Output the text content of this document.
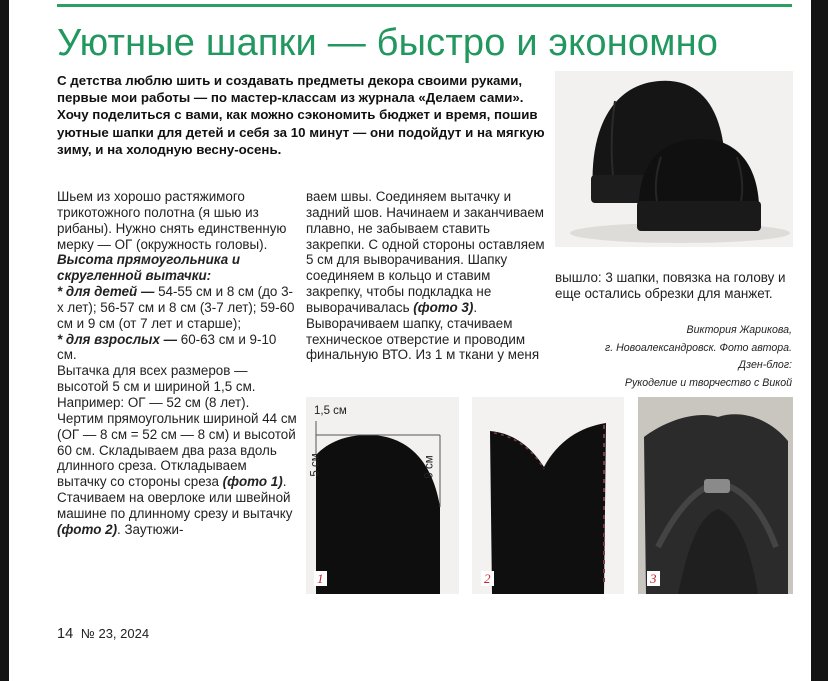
Уютные шапки — быстро и экономно

С детства люблю шить и создавать предметы декора своими руками, первые мои работы — по мастер-классам из журнала «Делаем сами». Хочу поделиться с вами, как можно сэкономить бюджет и время, пошив уютные шапки для детей и себя за 10 минут — они подойдут и на мягкую зиму, и на холодную весну-осень.

Шьем из хорошо растяжимого трикотожного полотна (я шью из рибаны). Нужно снять единственную мерку — ОГ (окружность головы).

Высота прямоугольника и скругленной вытачки:

* для детей — 54-55 см и 8 см (до 3-х лет); 56-57 см и 8 см (3-7 лет); 59-60 см и 9 см (от 7 лет и старше);

* для взрослых — 60-63 см и 9-10 см.

Вытачка для всех размеров — высотой 5 см и шириной 1,5 см. Например: ОГ — 52 см (8 лет). Чертим прямоугольник шириной 44 см (ОГ — 8 см = 52 см — 8 см) и высотой 60 см. Складываем два раза вдоль длинного среза. Откладываем вытачку со стороны среза (фото 1). Стачиваем на оверлоке или швейной машине по длинному срезу и вытачку (фото 2). Заутюжи-

ваем швы. Соединяем вытачку и задний шов. Начинаем и заканчиваем плавно, не забываем ставить закрепки. С одной стороны оставляем 5 см для выворачивания. Шапку соединяем в кольцо и ставим закрепку, чтобы подкладка не выворачивалась (фото 3). Выворачиваем шапку, стачиваем техническое отверстие и проводим финальную ВТО. Из 1 м ткани у меня

вышло: 3 шапки, повязка на голову и еще остались обрезки для манжет.

Виктория Жарикова,
г. Новоалександровск. Фото автора.
Дзен-блог:
Рукоделие и творчество с Викой
1,5 см
5 см	9 см
1	2	3
14 № 23, 2024
